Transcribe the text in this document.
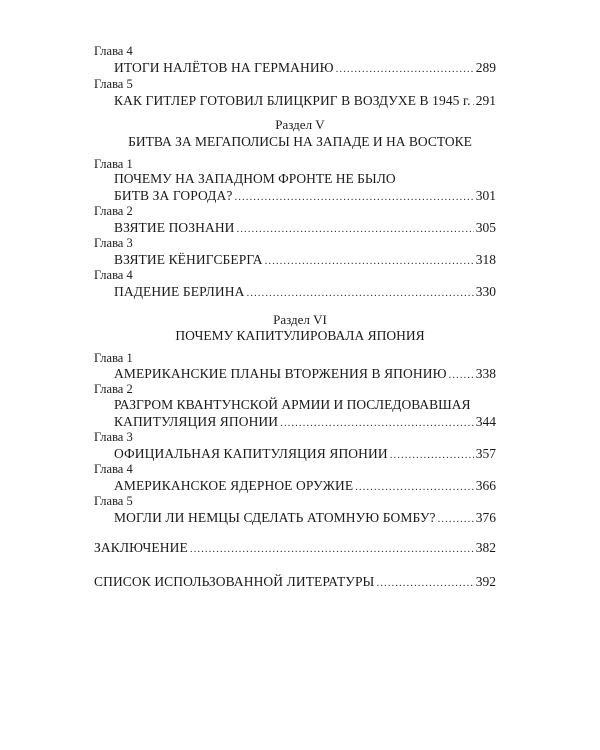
Глава 4
ИТОГИ НАЛЁТОВ НА ГЕРМАНИЮ .....	289
Глава 5
КАК ГИТЛЕР ГОТОВИЛ БЛИЦКРИГ В ВОЗДУХЕ В 1945 г. ..... 291
Раздел V
БИТВА ЗА МЕГАПОЛИСЫ НА ЗАПАДЕ И НА ВОСТОКЕ
Глава 1
ПОЧЕМУ НА ЗАПАДНОМ ФРОНТЕ НЕ БЫЛО
БИТВ ЗА ГОРОДА? .....	301
Глава 2
ВЗЯТИЕ ПОЗНАНИ .....	305
Глава 3
ВЗЯТИЕ КЁНИГСБЕРГА .....	318
Глава 4
ПАДЕНИЕ БЕРЛИНА .....	330
Раздел VI
ПОЧЕМУ КАПИТУЛИРОВАЛА ЯПОНИЯ
Глава 1
АМЕРИКАНСКИЕ ПЛАНЫ ВТОРЖЕНИЯ В ЯПОНИЮ ..... 338
Глава 2
РАЗГРОМ КВАНТУНСКОЙ АРМИИ И ПОСЛЕДОВАВШАЯ
КАПИТУЛЯЦИЯ ЯПОНИИ .....	344
Глава 3
ОФИЦИАЛЬНАЯ КАПИТУЛЯЦИЯ ЯПОНИИ .....	357
Глава 4
АМЕРИКАНСКОЕ ЯДЕРНОЕ ОРУЖИЕ .....	366
Глава 5
МОГЛИ ЛИ НЕМЦЫ СДЕЛАТЬ АТОМНУЮ БОМБУ? .....	376
ЗАКЛЮЧЕНИЕ .....	382
СПИСОК ИСПОЛЬЗОВАННОЙ ЛИТЕРАТУРЫ .....	392
